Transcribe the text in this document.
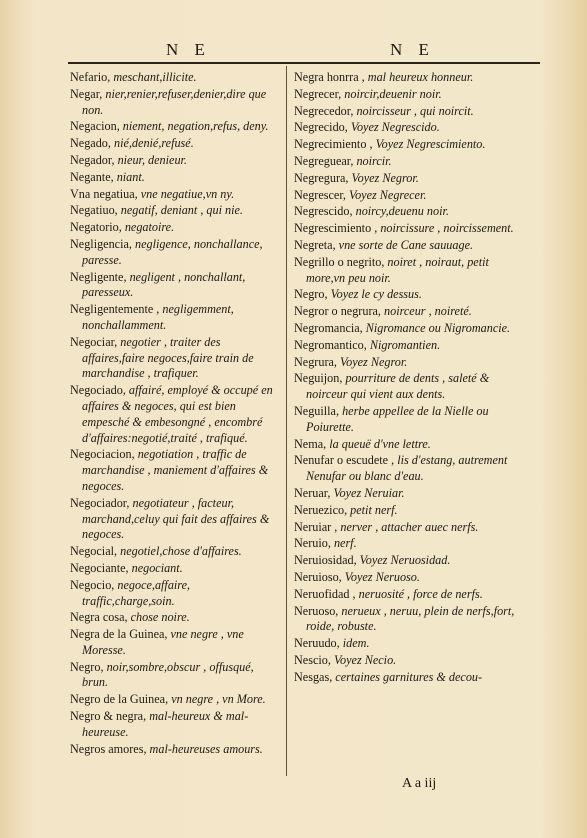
N E	N E
Nefario, meschant,illicite.
Negar, nier,renier,refuser,denier,dire que non.
Negacion, niement, negation,refus, deny.
Negado, nié,denié,refusé.
Negador, nieur, denieur.
Negante, niant.
Vna negatiua, vne negatiue,vn ny.
Negatiuo, negatif, deniant , qui nie.
Negatorio, negatoire.
Negligencia, negligence, nonchallance, paresse.
Negligente, negligent , nonchallant, paresseux.
Negligentemente , negligemment, nonchallamment.
Negociar, negotier , traiter des affaires,faire negoces,faire train de marchandise , trafiquer.
Negociado, affairé, employé & occupé en affaires & negoces, qui est bien empesché & embesongné , encombré d'affaires:negotié,traité , trafiqué.
Negociacion, negotiation , traffic de marchandise , maniement d'affaires & negoces.
Negociador, negotiateur , facteur, marchand,celuy qui fait des affaires & negoces.
Negocial, negotiel,chose d'affaires.
Negociante, negociant.
Negocio, negoce,affaire, traffic,charge,soin.
Negra cosa, chose noire.
Negra de la Guinea, vne negre , vne Moresse.
Negro, noir,sombre,obscur , offusqué, brun.
Negro de la Guinea, vn negre , vn More.
Negro & negra, mal-heureux & mal-heureuse.
Negros amores, mal-heureuses amours.
Negra honrra , mal heureux honneur.
Negrecer, noircir,deuenir noir.
Negrecedor, noircisseur , qui noircit.
Negrecido, Voyez Negrescido.
Negrecimiento , Voyez Negrescimiento.
Negreguear, noircir.
Negregura, Voyez Negror.
Negrescer, Voyez Negrecer.
Negrescido, noircy,deuenu noir.
Negrescimiento , noircissure , noircissement.
Negreta, vne sorte de Cane sauuage.
Negrillo o negrito, noiret , noiraut, petit more,vn peu noir.
Negro, Voyez le cy dessus.
Negror o negrura, noirceur , noireté.
Negromancia, Nigromance ou Nigromancie.
Negromantico, Nigromantien.
Negrura, Voyez Negror.
Neguijon, pourriture de dents , saleté & noirceur qui vient aux dents.
Neguilla, herbe appellee de la Nielle ou Poiurette.
Nema, la queuë d'vne lettre.
Nenufar o escudete , lis d'estang, autrement Nenufar ou blanc d'eau.
Neruar, Voyez Neruiar.
Neruezico, petit nerf.
Neruiar , nerver , attacher auec nerfs.
Neruio, nerf.
Neruiosidad, Voyez Neruosidad.
Neruioso, Voyez Neruoso.
Neruofidad , neruosité , force de nerfs.
Neruoso, nerueux , neruu, plein de nerfs,fort, roide, robuste.
Neruudo, idem.
Nescio, Voyez Necio.
Nesgas, certaines garnitures & decou-
A a iij
